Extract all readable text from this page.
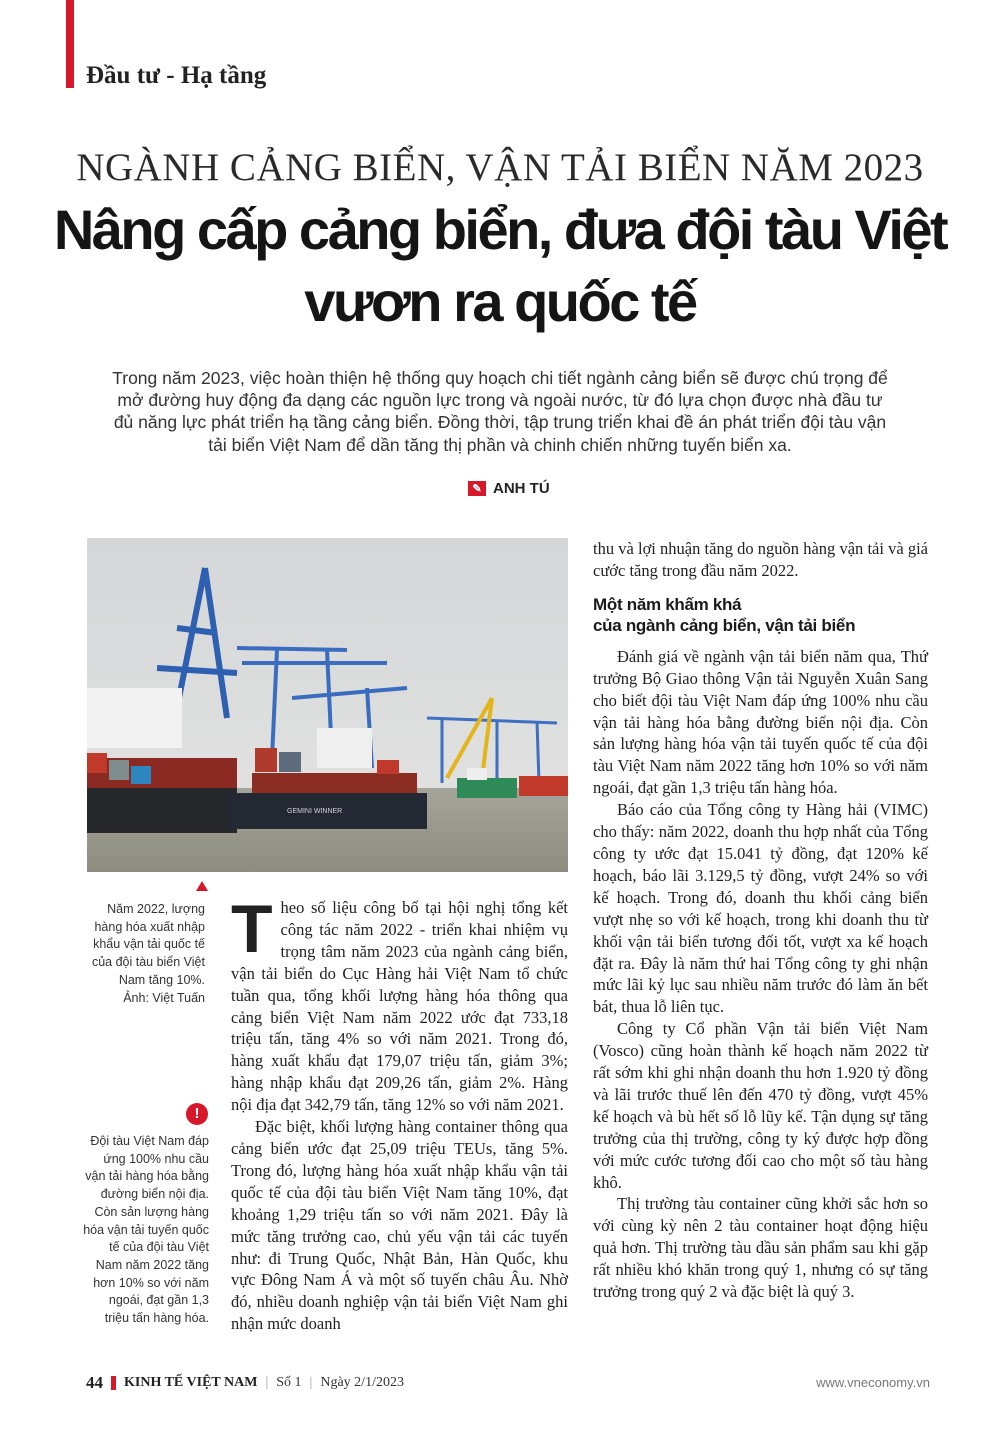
Đầu tư - Hạ tầng
NGÀNH CẢNG BIỂN, VẬN TẢI BIỂN NĂM 2023
Nâng cấp cảng biển, đưa đội tàu Việt
vươn ra quốc tế
Trong năm 2023, việc hoàn thiện hệ thống quy hoạch chi tiết ngành cảng biển sẽ được chú trọng để mở đường huy động đa dạng các nguồn lực trong và ngoài nước, từ đó lựa chọn được nhà đầu tư đủ năng lực phát triển hạ tầng cảng biển. Đồng thời, tập trung triển khai đề án phát triển đội tàu vận tải biển Việt Nam để dần tăng thị phần và chinh chiến những tuyến biển xa.
✎ ANH TÚ
GEMINI WINNER
Năm 2022, lượng hàng hóa xuất nhập khẩu vận tải quốc tế của đội tàu biển Việt Nam tăng 10%.
Ảnh: Việt Tuấn
!
Đội tàu Việt Nam đáp ứng 100% nhu cầu vận tải hàng hóa bằng đường biển nội địa. Còn sản lượng hàng hóa vận tải tuyến quốc tế của đội tàu Việt Nam năm 2022 tăng hơn 10% so với năm ngoái, đạt gần 1,3 triệu tấn hàng hóa.

Theo số liệu công bố tại hội nghị tổng kết công tác năm 2022 - triển khai nhiệm vụ trọng tâm năm 2023 của ngành cảng biển, vận tải biển do Cục Hàng hải Việt Nam tổ chức tuần qua, tổng khối lượng hàng hóa thông qua cảng biển Việt Nam năm 2022 ước đạt 733,18 triệu tấn, tăng 4% so với năm 2021. Trong đó, hàng xuất khẩu đạt 179,07 triệu tấn, giảm 3%; hàng nhập khẩu đạt 209,26 tấn, giảm 2%. Hàng nội địa đạt 342,79 tấn, tăng 12% so với năm 2021.

Đặc biệt, khối lượng hàng container thông qua cảng biển ước đạt 25,09 triệu TEUs, tăng 5%. Trong đó, lượng hàng hóa xuất nhập khẩu vận tải quốc tế của đội tàu biển Việt Nam tăng 10%, đạt khoảng 1,29 triệu tấn so với năm 2021. Đây là mức tăng trưởng cao, chủ yếu vận tải các tuyến như: đi Trung Quốc, Nhật Bản, Hàn Quốc, khu vực Đông Nam Á và một số tuyến châu Âu. Nhờ đó, nhiều doanh nghiệp vận tải biển Việt Nam ghi nhận mức doanh

thu và lợi nhuận tăng do nguồn hàng vận tải và giá cước tăng trong đầu năm 2022.

Một năm khấm khá
của ngành cảng biển, vận tải biển

Đánh giá về ngành vận tải biển năm qua, Thứ trưởng Bộ Giao thông Vận tải Nguyễn Xuân Sang cho biết đội tàu Việt Nam đáp ứng 100% nhu cầu vận tải hàng hóa bằng đường biển nội địa. Còn sản lượng hàng hóa vận tải tuyến quốc tế của đội tàu Việt Nam năm 2022 tăng hơn 10% so với năm ngoái, đạt gần 1,3 triệu tấn hàng hóa.

Báo cáo của Tổng công ty Hàng hải (VIMC) cho thấy: năm 2022, doanh thu hợp nhất của Tổng công ty ước đạt 15.041 tỷ đồng, đạt 120% kế hoạch, báo lãi 3.129,5 tỷ đồng, vượt 24% so với kế hoạch. Trong đó, doanh thu khối cảng biển vượt nhẹ so với kế hoạch, trong khi doanh thu từ khối vận tải biển tương đối tốt, vượt xa kế hoạch đặt ra. Đây là năm thứ hai Tổng công ty ghi nhận mức lãi kỷ lục sau nhiều năm trước đó làm ăn bết bát, thua lỗ liên tục.

Công ty Cổ phần Vận tải biển Việt Nam (Vosco) cũng hoàn thành kế hoạch năm 2022 từ rất sớm khi ghi nhận doanh thu hơn 1.920 tỷ đồng và lãi trước thuế lên đến 470 tỷ đồng, vượt 45% kế hoạch và bù hết số lỗ lũy kế. Tận dụng sự tăng trưởng của thị trường, công ty ký được hợp đồng với mức cước tương đối cao cho một số tàu hàng khô.

Thị trường tàu container cũng khởi sắc hơn so với cùng kỳ nên 2 tàu container hoạt động hiệu quả hơn. Thị trường tàu dầu sản phẩm sau khi gặp rất nhiều khó khăn trong quý 1, nhưng có sự tăng trưởng trong quý 2 và đặc biệt là quý 3.

44 KINH TẾ VIỆT NAM | Số 1 | Ngày 2/1/2023	www.vneconomy.vn
